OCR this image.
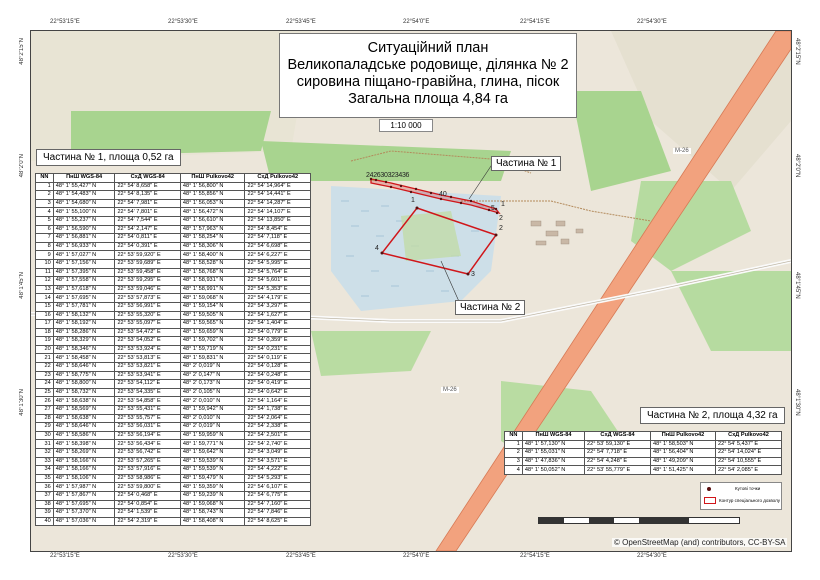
242630323436
40
1
5
2
1
2
3
4
M-26
M-26
22°53'15"E	22°53'30"E	22°53'45"E	22°54'0"E	22°54'15"E	22°54'30"E
22°53'15"E	22°53'30"E	22°53'45"E	22°54'0"E	22°54'15"E	22°54'30"E
48°2'15"N
48°2'0"N
48°1'45"N
48°1'30"N
48°2'15"N
48°2'0"N
48°1'45"N
48°1'30"N
Ситуаційний план
Великопаладське родовище, ділянка № 2
сировина піщано-гравійна, глина, пісок
Загальна площа 4,84 га
1:10 000
Частина № 1
Частина № 2
Частина № 1, площа 0,52 га
NN	ПнШ WGS-84	СхД WGS-84	ПнШ Pulkovo42	СхД Pulkovo42
1	48° 1' 55,427" N	22° 54' 8,658" E	48° 1' 56,800" N	22° 54' 14,964" E
2	48° 1' 54,483" N	22° 54' 8,135" E	48° 1' 55,856" N	22° 54' 14,441" E
3	48° 1' 54,680" N	22° 54' 7,981" E	48° 1' 56,053" N	22° 54' 14,287" E
4	48° 1' 55,100" N	22° 54' 7,801" E	48° 1' 56,472" N	22° 54' 14,107" E
5	48° 1' 55,237" N	22° 54' 7,544" E	48° 1' 56,610" N	22° 54' 13,850" E
6	48° 1' 56,590" N	22° 54' 2,147" E	48° 1' 57,963" N	22° 54' 8,454" E
7	48° 1' 56,881" N	22° 54' 0,811" E	48° 1' 58,254" N	22° 54' 7,118" E
8	48° 1' 56,933" N	22° 54' 0,391" E	48° 1' 58,306" N	22° 54' 6,698" E
9	48° 1' 57,027" N	22° 53' 59,920" E	48° 1' 58,400" N	22° 54' 6,227" E
10	48° 1' 57,156" N	22° 53' 59,689" E	48° 1' 58,528" N	22° 54' 5,995" E
11	48° 1' 57,395" N	22° 53' 59,458" E	48° 1' 58,768" N	22° 54' 5,764" E
12	48° 1' 57,558" N	22° 53' 59,295" E	48° 1' 58,931" N	22° 54' 5,601" E
13	48° 1' 57,618" N	22° 53' 59,046" E	48° 1' 58,991" N	22° 54' 5,353" E
14	48° 1' 57,695" N	22° 53' 57,873" E	48° 1' 59,068" N	22° 54' 4,179" E
15	48° 1' 57,781" N	22° 53' 56,991" E	48° 1' 59,154" N	22° 54' 3,297" E
16	48° 1' 58,132" N	22° 53' 55,320" E	48° 1' 59,505" N	22° 54' 1,627" E
17	48° 1' 58,192" N	22° 53' 55,097" E	48° 1' 59,565" N	22° 54' 1,404" E
18	48° 1' 58,286" N	22° 53' 54,472" E	48° 1' 59,659" N	22° 54' 0,779" E
19	48° 1' 58,329" N	22° 53' 54,052" E	48° 1' 59,702" N	22° 54' 0,359" E
20	48° 1' 58,346" N	22° 53' 53,924" E	48° 1' 59,719" N	22° 54' 0,231" E
21	48° 1' 58,458" N	22° 53' 53,813" E	48° 1' 59,831" N	22° 54' 0,119" E
22	48° 1' 58,646" N	22° 53' 53,821" E	48° 2' 0,019" N	22° 54' 0,128" E
23	48° 1' 58,775" N	22° 53' 53,941" E	48° 2' 0,147" N	22° 54' 0,248" E
24	48° 1' 58,800" N	22° 53' 54,112" E	48° 2' 0,173" N	22° 54' 0,419" E
25	48° 1' 58,732" N	22° 53' 54,335" E	48° 2' 0,105" N	22° 54' 0,642" E
26	48° 1' 58,638" N	22° 53' 54,858" E	48° 2' 0,010" N	22° 54' 1,164" E
27	48° 1' 58,569" N	22° 53' 55,431" E	48° 1' 59,942" N	22° 54' 1,738" E
28	48° 1' 58,638" N	22° 53' 55,757" E	48° 2' 0,010" N	22° 54' 2,064" E
29	48° 1' 58,646" N	22° 53' 56,031" E	48° 2' 0,019" N	22° 54' 2,338" E
30	48° 1' 58,586" N	22° 53' 56,194" E	48° 1' 59,959" N	22° 54' 2,501" E
31	48° 1' 58,398" N	22° 53' 56,434" E	48° 1' 59,771" N	22° 54' 2,740" E
32	48° 1' 58,269" N	22° 53' 56,742" E	48° 1' 59,642" N	22° 54' 3,049" E
33	48° 1' 58,166" N	22° 53' 57,265" E	48° 1' 59,539" N	22° 54' 3,571" E
34	48° 1' 58,166" N	22° 53' 57,916" E	48° 1' 59,539" N	22° 54' 4,222" E
35	48° 1' 58,106" N	22° 53' 58,986" E	48° 1' 59,479" N	22° 54' 5,293" E
36	48° 1' 57,987" N	22° 53' 59,800" E	48° 1' 59,359" N	22° 54' 6,107" E
37	48° 1' 57,867" N	22° 54' 0,468" E	48° 1' 59,239" N	22° 54' 6,775" E
38	48° 1' 57,695" N	22° 54' 0,854" E	48° 1' 59,068" N	22° 54' 7,160" E
39	48° 1' 57,370" N	22° 54' 1,539" E	48° 1' 58,743" N	22° 54' 7,846" E
40	48° 1' 57,036" N	22° 54' 2,319" E	48° 1' 58,408" N	22° 54' 8,625" E
Частина № 2, площа 4,32 га
NN	ПнШ WGS-84	СхД WGS-84	ПнШ Pulkovo42	СхД Pulkovo42
1	48° 1' 57,130" N	22° 53' 59,130" E	48° 1' 58,503" N	22° 54' 5,437" E
2	48° 1' 55,031" N	22° 54' 7,718" E	48° 1' 56,404" N	22° 54' 14,024" E
3	48° 1' 47,836" N	22° 54' 4,248" E	48° 1' 49,209" N	22° 54' 10,555" E
4	48° 1' 50,052" N	22° 53' 55,779" E	48° 1' 51,425" N	22° 54' 2,085" E
Кутові точки
Контур спеціального дозволу
© OpenStreetMap (and) contributors, CC-BY-SA
